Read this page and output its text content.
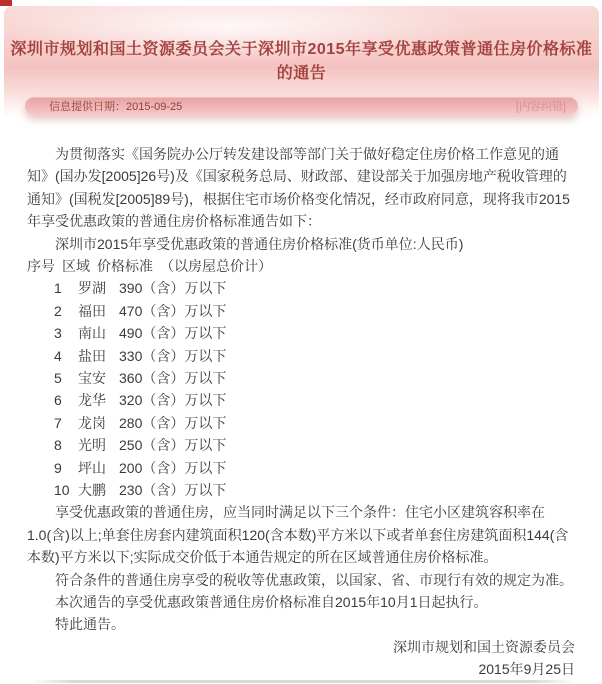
深圳市规划和国土资源委员会关于深圳市2015年享受优惠政策普通住房价格标准的通告
信息提供日期：2015-09-25	[内容纠错]

为贯彻落实《国务院办公厅转发建设部等部门关于做好稳定住房价格工作意见的通知》(国办发[2005]26号)及《国家税务总局、财政部、建设部关于加强房地产税收管理的通知》(国税发[2005]89号)，根据住宅市场价格变化情况，经市政府同意，现将我市2015年享受优惠政策的普通住房价格标准通告如下：

深圳市2015年享受优惠政策的普通住房价格标准(货币单位:人民币)

序号 区域 价格标准 （以房屋总价计）

1	罗湖 390（含）万以下
2	福田 470（含）万以下
3	南山 490（含）万以下
4	盐田 330（含）万以下
5	宝安 360（含）万以下
6	龙华 320（含）万以下
7	龙岗 280（含）万以下
8	光明 250（含）万以下
9	坪山 200（含）万以下
10 大鹏 230（含）万以下

享受优惠政策的普通住房，应当同时满足以下三个条件：住宅小区建筑容积率在1.0(含)以上;单套住房套内建筑面积120(含本数)平方米以下或者单套住房建筑面积144(含本数)平方米以下;实际成交价低于本通告规定的所在区域普通住房价格标准。

符合条件的普通住房享受的税收等优惠政策，以国家、省、市现行有效的规定为准。

本次通告的享受优惠政策普通住房价格标准自2015年10月1日起执行。

特此通告。

深圳市规划和国土资源委员会

2015年9月25日
